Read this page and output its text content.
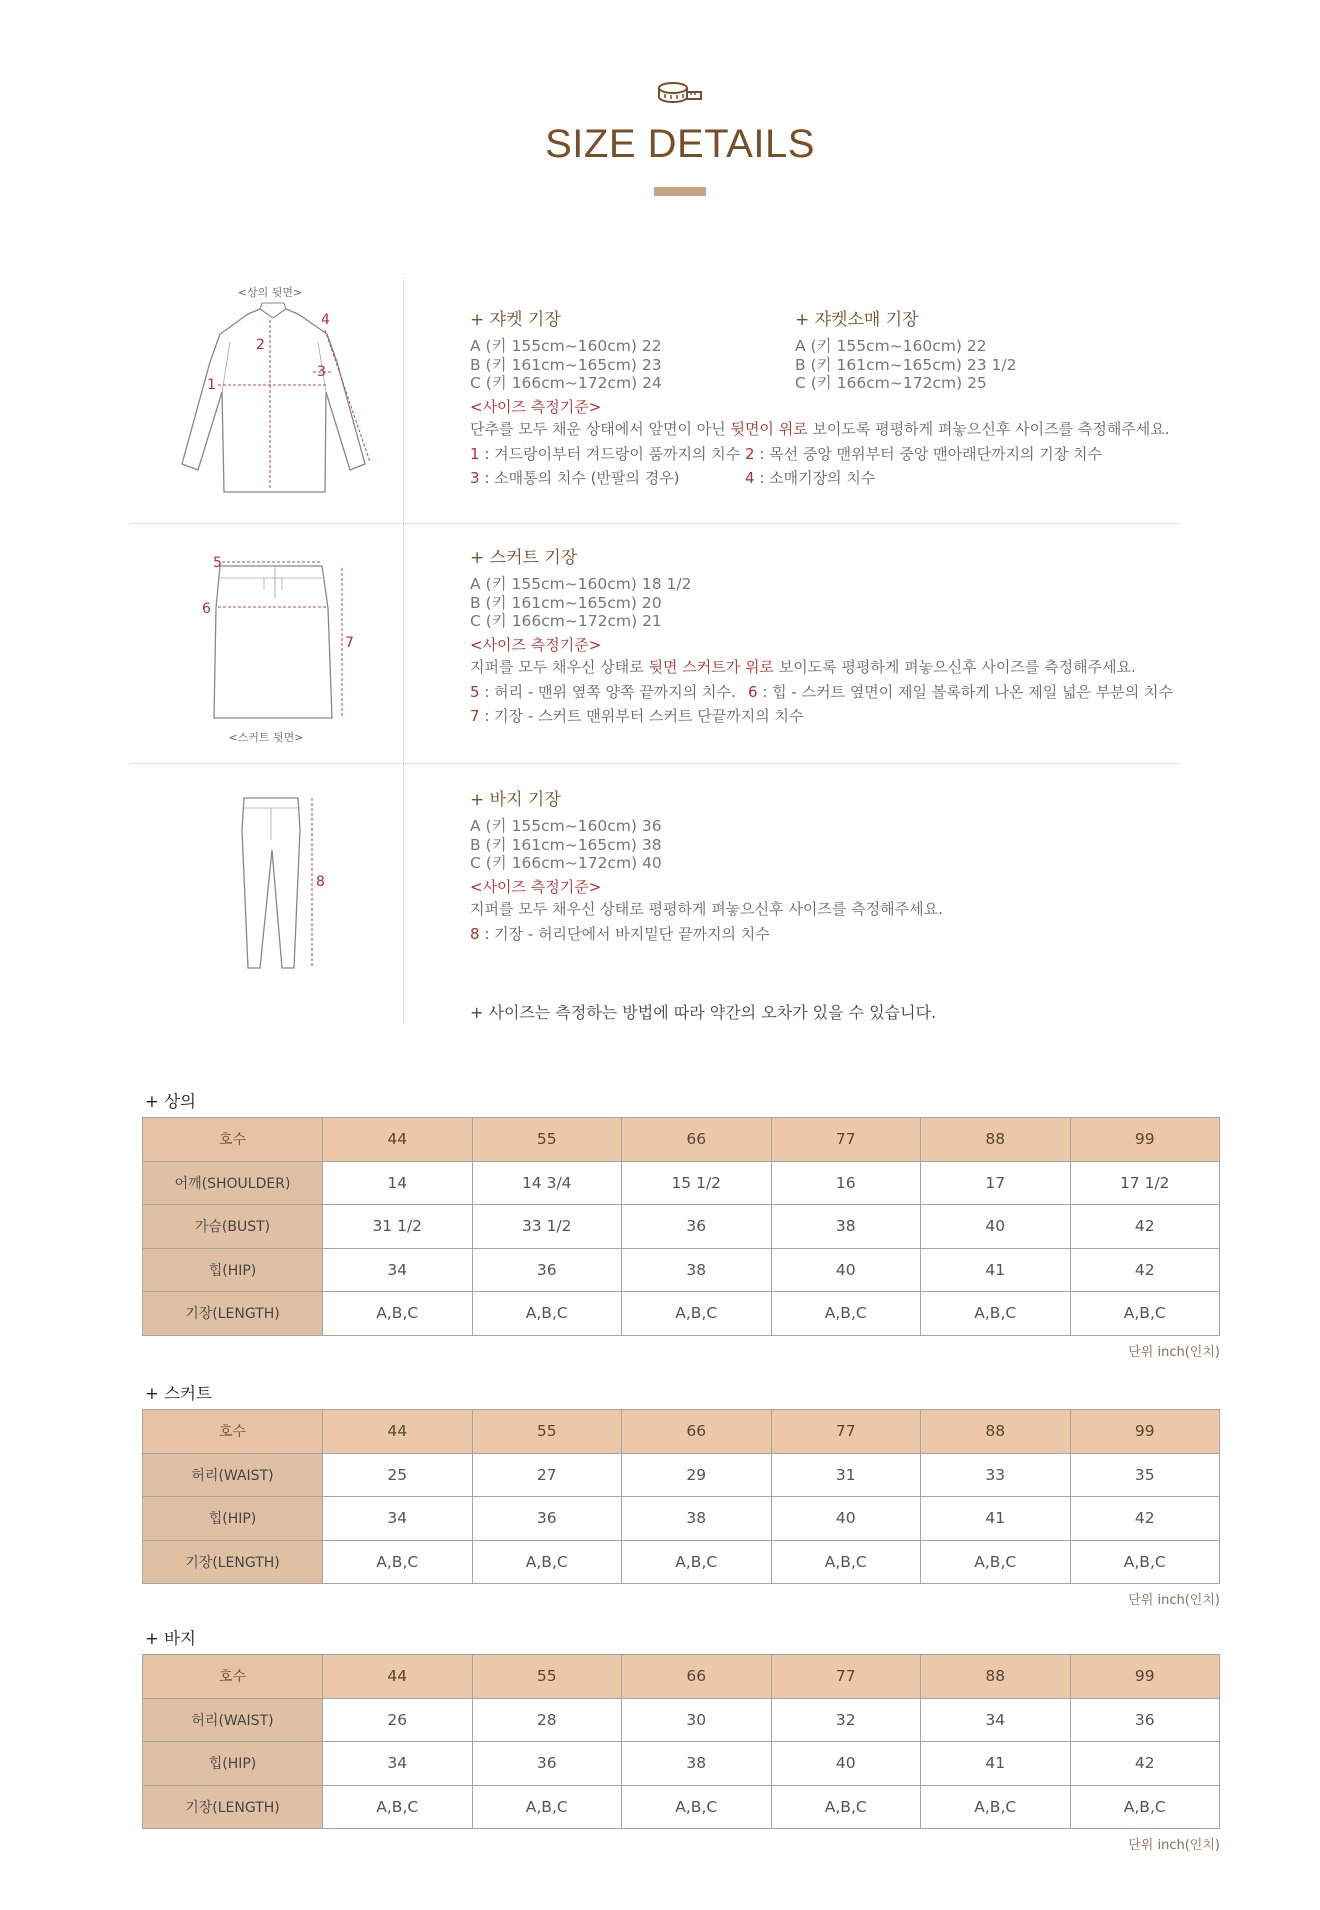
SIZE DETAILS
<상의 뒷면>
1
2
3
4	+ 쟈켓 기장
A (키 155cm~160cm) 22
B (키 161cm~165cm) 23
C (키 166cm~172cm) 24
+ 쟈켓소매 기장
A (키 155cm~160cm) 22
B (키 161cm~165cm) 23 1/2
C (키 166cm~172cm) 25
<사이즈 측정기준>
단추를 모두 채운 상태에서 앞면이 아닌 뒷면이 위로 보이도록 평평하게 펴놓으신후 사이즈를 측정해주세요.
1 : 겨드랑이부터 겨드랑이 품까지의 치수 2 : 목선 중앙 맨위부터 중앙 맨아래단까지의 기장 치수
3 : 소매통의 치수 (반팔의 경우)	4 : 소매기장의 치수
5
6
7
<스커트 뒷면>
+ 스커트 기장
A (키 155cm~160cm) 18 1/2
B (키 161cm~165cm) 20
C (키 166cm~172cm) 21
<사이즈 측정기준>
지퍼를 모두 채우신 상태로 뒷면 스커트가 위로 보이도록 평평하게 펴놓으신후 사이즈를 측정해주세요.
5 : 허리 - 맨위 옆쪽 양쪽 끝까지의 치수. 6 : 힙 - 스커트 옆면이 제일 볼록하게 나온 제일 넓은 부분의 치수
7 : 기장 - 스커트 맨위부터 스커트 단끝까지의 치수
8
+ 바지 기장
A (키 155cm~160cm) 36
B (키 161cm~165cm) 38
C (키 166cm~172cm) 40
<사이즈 측정기준>
지퍼를 모두 채우신 상태로 평평하게 펴놓으신후 사이즈를 측정해주세요.
8 : 기장 - 허리단에서 바지밑단 끝까지의 치수
+ 사이즈는 측정하는 방법에 따라 약간의 오차가 있을 수 있습니다.
+ 상의
호수	44	55	66	77	88	99
어깨(SHOULDER)	14	14 3/4	15 1/2	16	17	17 1/2
가슴(BUST)	31 1/2	33 1/2	36	38	40	42
힙(HIP)	34	36	38	40	41	42
기장(LENGTH)	A,B,C	A,B,C	A,B,C	A,B,C	A,B,C	A,B,C
단위 inch(인치)
+ 스커트
호수	44	55	66	77	88	99
허리(WAIST)	25	27	29	31	33	35
힙(HIP)	34	36	38	40	41	42
기장(LENGTH)	A,B,C	A,B,C	A,B,C	A,B,C	A,B,C	A,B,C
단위 inch(인치)
+ 바지
호수	44	55	66	77	88	99
허리(WAIST)	26	28	30	32	34	36
힙(HIP)	34	36	38	40	41	42
기장(LENGTH)	A,B,C	A,B,C	A,B,C	A,B,C	A,B,C	A,B,C
단위 inch(인치)
